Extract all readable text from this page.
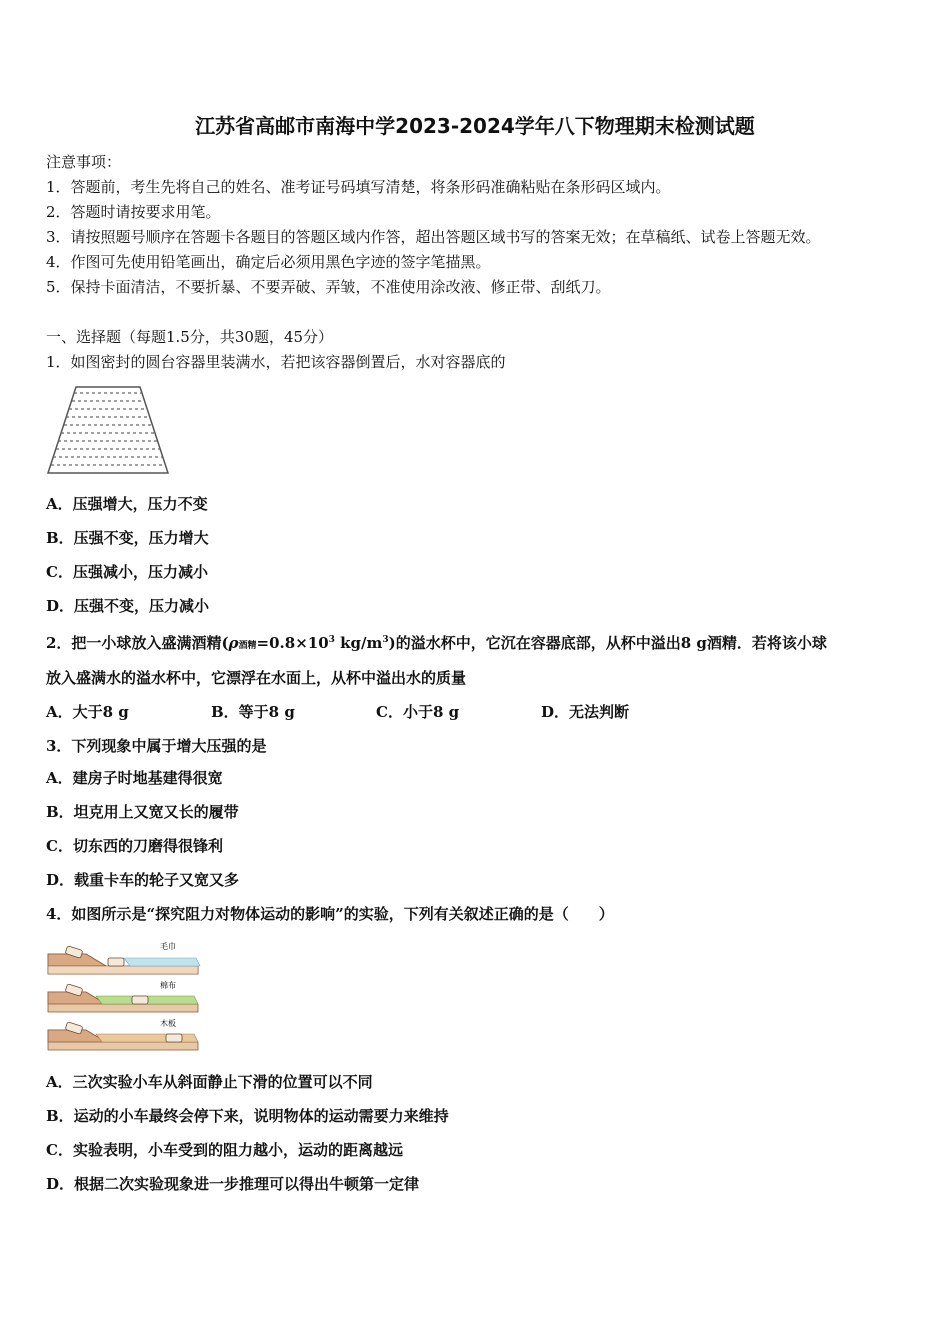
江苏省高邮市南海中学2023-2024学年八下物理期末检测试题
注意事项：
1．答题前，考生先将自己的姓名、准考证号码填写清楚，将条形码准确粘贴在条形码区域内。
2．答题时请按要求用笔。
3．请按照题号顺序在答题卡各题目的答题区域内作答，超出答题区域书写的答案无效；在草稿纸、试卷上答题无效。
4．作图可先使用铅笔画出，确定后必须用黑色字迹的签字笔描黑。
5．保持卡面清洁，不要折暴、不要弄破、弄皱，不准使用涂改液、修正带、刮纸刀。
一、选择题（每题1.5分，共30题，45分）
1．如图密封的圆台容器里装满水，若把该容器倒置后，水对容器底的
A．压强增大，压力不变
B．压强不变，压力增大
C．压强减小，压力减小
D．压强不变，压力减小
2．把一小球放入盛满酒精(ρ酒精$=0.8\times 10^3$ $kg/m^3$)的溢水杯中，它沉在容器底部，从杯中溢出8 g酒精．若将该小球
放入盛满水的溢水杯中，它漂浮在水面上，从杯中溢出水的质量
A．大于8 g	B．等于8 g	C．小于8 g	D．无法判断
3．下列现象中属于增大压强的是
A．建房子时地基建得很宽
B．坦克用上又宽又长的履带
C．切东西的刀磨得很锋利
D．载重卡车的轮子又宽又多
4．如图所示是“探究阻力对物体运动的影响”的实验，下列有关叙述正确的是（　　）
毛巾
棉布
木板
A．三次实验小车从斜面静止下滑的位置可以不同
B．运动的小车最终会停下来，说明物体的运动需要力来维持
C．实验表明，小车受到的阻力越小，运动的距离越远
D．根据二次实验现象进一步推理可以得出牛顿第一定律
